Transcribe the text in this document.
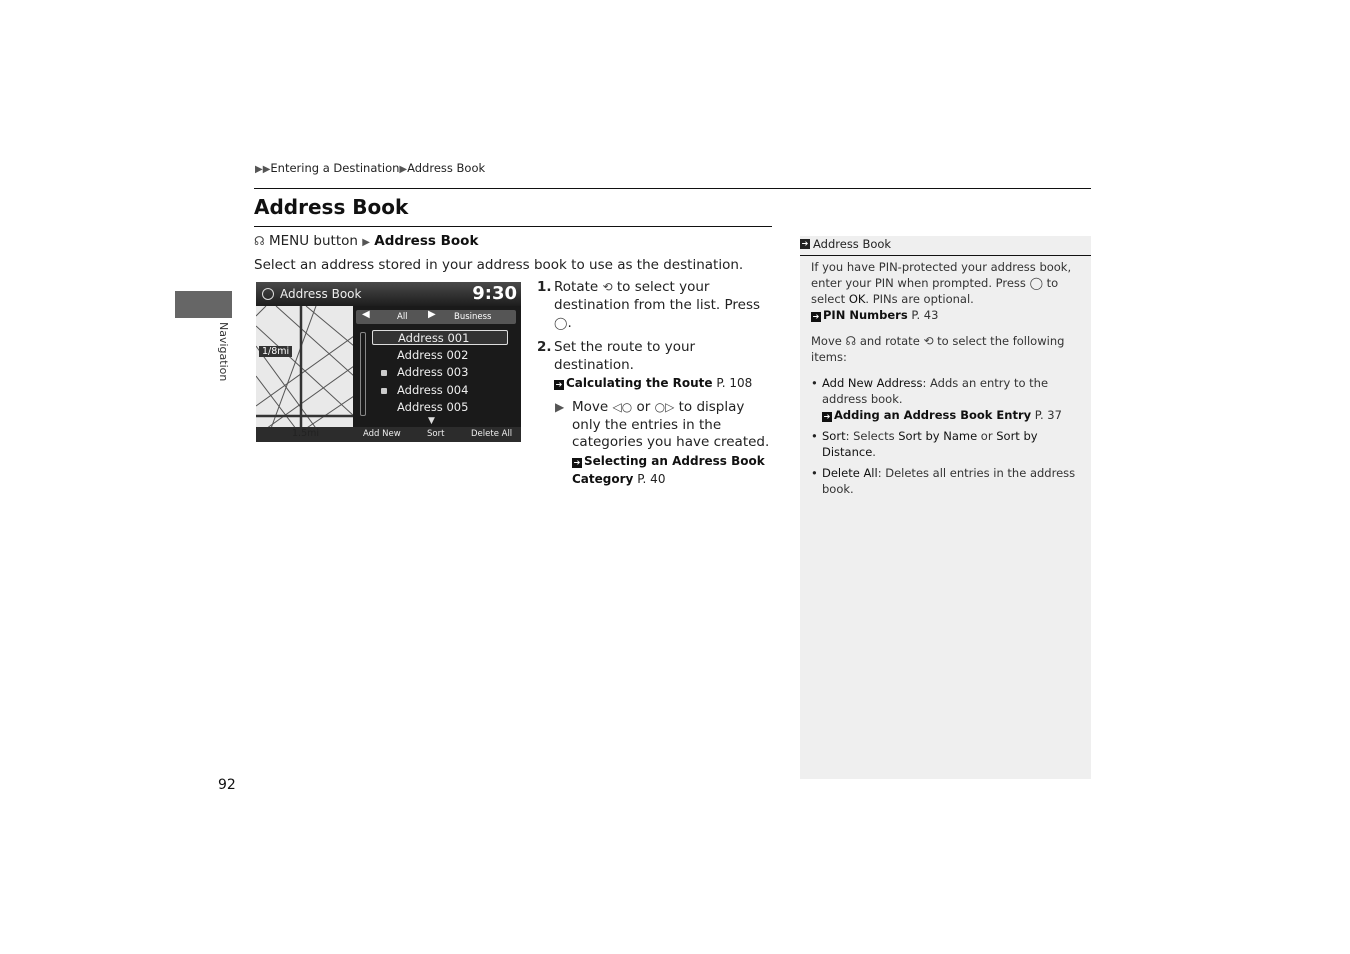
▶▶Entering a Destination▶Address Book
Address Book
Navigation
☊ MENU button ▶ Address Book
Select an address stored in your address book to use as the destination.
Address Book	9:30
1/8mi
◀	All ▶ Business
Address 001
Address 002
Address 003
Address 004
Address 005
▼
1.5mi	Add New	Sort	Delete All
1. Rotate ⟲ to select your destination from the list. Press ◯.
2. Set the route to your destination.
➔ Calculating the Route P. 108
▶ Move ◁○ or ○▷ to display only the entries in the categories you have created.
➔ Selecting an Address Book Category P. 40
➔ Address Book

If you have PIN-protected your address book, enter your PIN when prompted. Press ◯ to select OK. PINs are optional.
➔ PIN Numbers P. 43

Move ☊ and rotate ⟲ to select the following items:

• Add New Address: Adds an entry to the address book.
➔ Adding an Address Book Entry P. 37
• Sort: Selects Sort by Name or Sort by Distance.
• Delete All: Deletes all entries in the address book.
92
